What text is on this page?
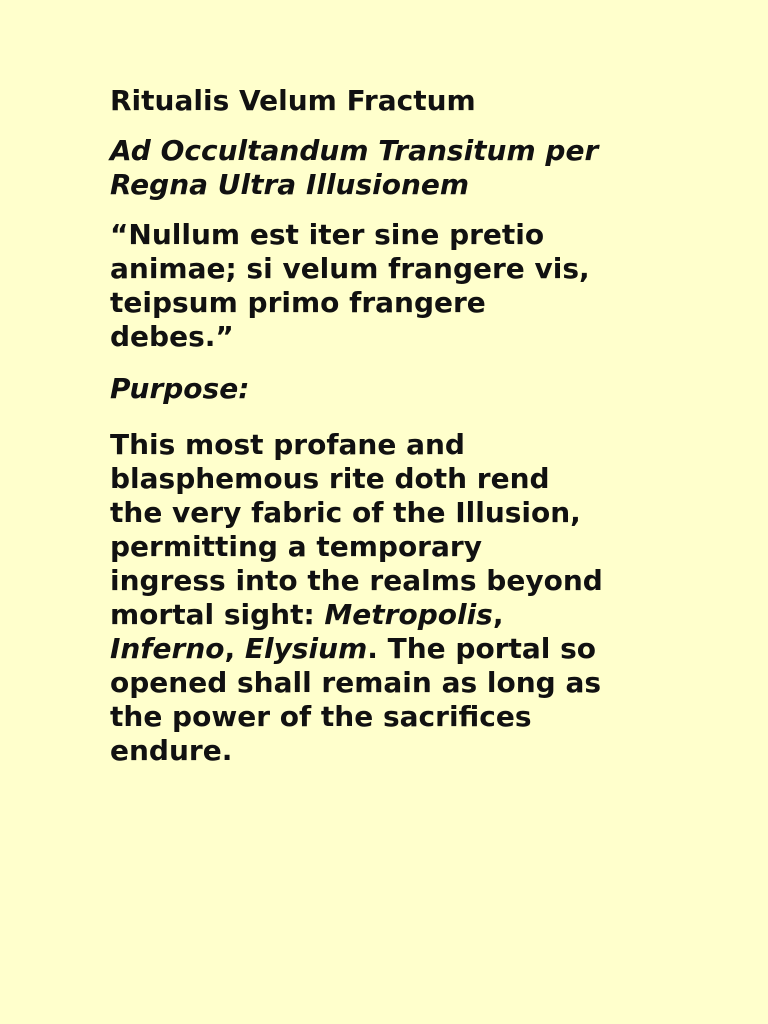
Ritualis Velum Fractum
Ad Occultandum Transitum per
Regna Ultra Illusionem
“Nullum est iter sine pretio
animae; si velum frangere vis,
teipsum primo frangere
debes.”
Purpose:
This most profane and
blasphemous rite doth rend
the very fabric of the Illusion,
permitting a temporary
ingress into the realms beyond
mortal sight: Metropolis,
Inferno, Elysium. The portal so
opened shall remain as long as
the power of the sacrifices
endure.
